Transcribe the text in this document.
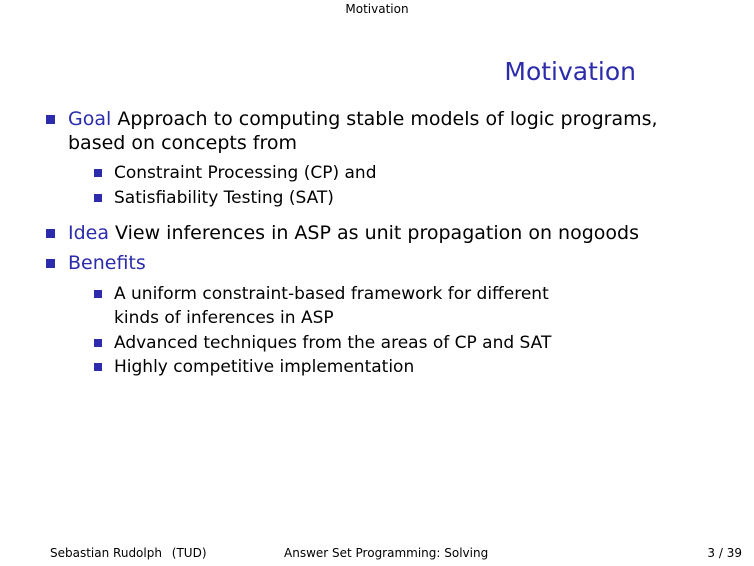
Motivation
Motivation
Goal Approach to computing stable models of logic programs,
based on concepts from
Constraint Processing (CP) and
Satisfiability Testing (SAT)
Idea View inferences in ASP as unit propagation on nogoods
Benefits
A uniform constraint-based framework for different
kinds of inferences in ASP
Advanced techniques from the areas of CP and SAT
Highly competitive implementation
Sebastian Rudolph (TUD)	Answer Set Programming: Solving	3 / 39
